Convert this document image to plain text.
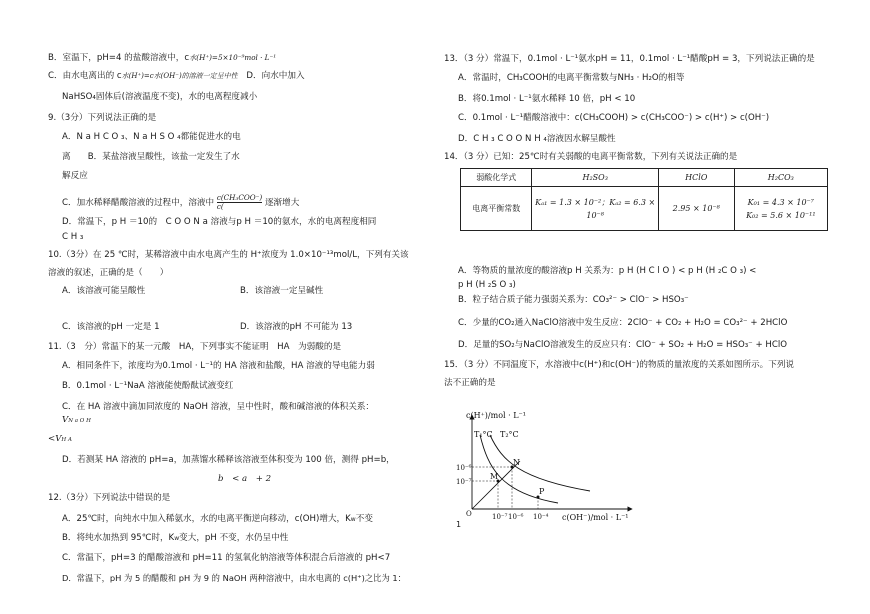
B．室温下，pH=4 的盐酸溶液中，c水(H⁺)=5×10⁻⁹mol · L⁻¹
C．由水电离出的 c水(H⁺)=c水(OH⁻)的溶液一定呈中性 D．向水中加入
NaHSO₄固体后(溶液温度不变)，水的电离程度减小
9.（3分）下列说法正确的是
A．N a H C O ₃、N a H S O ₄都能促进水的电
离　　B．某盐溶液呈酸性，该盐一定发生了水
解反应
C．加水稀释醋酸溶液的过程中，溶液中
c(CH₃COO⁻)
c(	逐渐增大
D．常温下，p H ＝10的　C O O N a 溶液与p H ＝10的氨水，水的电离程度相同
C H ₃
10.（3分）在 25 ℃时，某稀溶液中由水电离产生的 H⁺浓度为 1.0×10⁻¹³mol/L，下列有关该
溶液的叙述，正确的是（　　）
A．该溶液可能呈酸性	B．该溶液一定呈碱性
C．该溶液的pH 一定是 1	D．该溶液的pH 不可能为 13
11.（3　分）常温下的某一元酸　HA，下列事实不能证明　HA　为弱酸的是
A．相同条件下，浓度均为0.1mol · L⁻¹的 HA 溶液和盐酸，HA 溶液的导电能力弱
B．0.1mol · L⁻¹NaA 溶液能使酚酞试液变红
C．在 HA 溶液中滴加同浓度的 NaOH 溶液，呈中性时，酸和碱溶液的体积关系：
VN a O H
<VH A
D．若测某 HA 溶液的 pH=a，加蒸馏水稀释该溶液至体积变为 100 倍，测得 pH=b，
b　< a　+ 2
12.（3分）下列说法中错误的是
A．25℃时，向纯水中加入稀氨水，水的电离平衡逆向移动，c(OH)增大，Kw不变
B．将纯水加热到 95℃时，Kw变大，pH 不变，水仍呈中性
C．常温下，pH=3 的醋酸溶液和 pH=11 的氢氧化钠溶液等体积混合后溶液的 pH<7
D．常温下，pH 为 5 的醋酸和 pH 为 9 的 NaOH 两种溶液中，由水电离的 c(H⁺)之比为 1：
13．（3 分）常温下，0.1mol · L⁻¹氨水pH = 11，0.1mol · L⁻¹醋酸pH = 3，下列说法正确的是
A．常温时，CH₃COOH的电离平衡常数与NH₃ · H₂O的相等
B．将0.1mol · L⁻¹氨水稀释 10 倍，pH < 10
C．0.1mol · L⁻¹醋酸溶液中：c(CH₃COOH) > c(CH₃COO⁻) > c(H⁺) > c(OH⁻)
D．C H ₃ C O O N H ₄溶液因水解呈酸性
14．（3 分）已知：25℃时有关弱酸的电离平衡常数，下列有关说法正确的是
弱酸化学式	H₂SO₃	HClO	H₂CO₃
电离平衡常数	Kₐ₁ = 1.3 × 10⁻²；Kₐ₂ = 6.3 ×
10⁻⁸	2.95 × 10⁻⁸	K₀₁ = 4.3 × 10⁻⁷
K₀₂ = 5.6 × 10⁻¹¹
A．等物质的量浓度的酸溶液p H 关系为：p H (H C l O ) < p H (H ₂C O ₃) <
p H (H ₂S O ₃)
B．粒子结合质子能力强弱关系为：CO₃²⁻ > ClO⁻ > HSO₃⁻
C．少量的CO₂通入NaClO溶液中发生反应：2ClO⁻ + CO₂ + H₂O = CO₃²⁻ + 2HClO
D．足量的SO₂与NaClO溶液发生的反应只有：ClO⁻ + SO₂ + H₂O = HSO₃⁻ + HClO
15．（3 分）不同温度下，水溶液中c(H⁺)和c(OH⁻)的物质的量浓度的关系如图所示。下列说
法不正确的是
c(H⁺)/mol · L⁻¹
c(OH⁻)/mol · L⁻¹
T₁°C T₂°C
M
N
P
10⁻⁶
10⁻⁷
10⁻⁷ 10⁻⁶ 10⁻⁴
O
1
